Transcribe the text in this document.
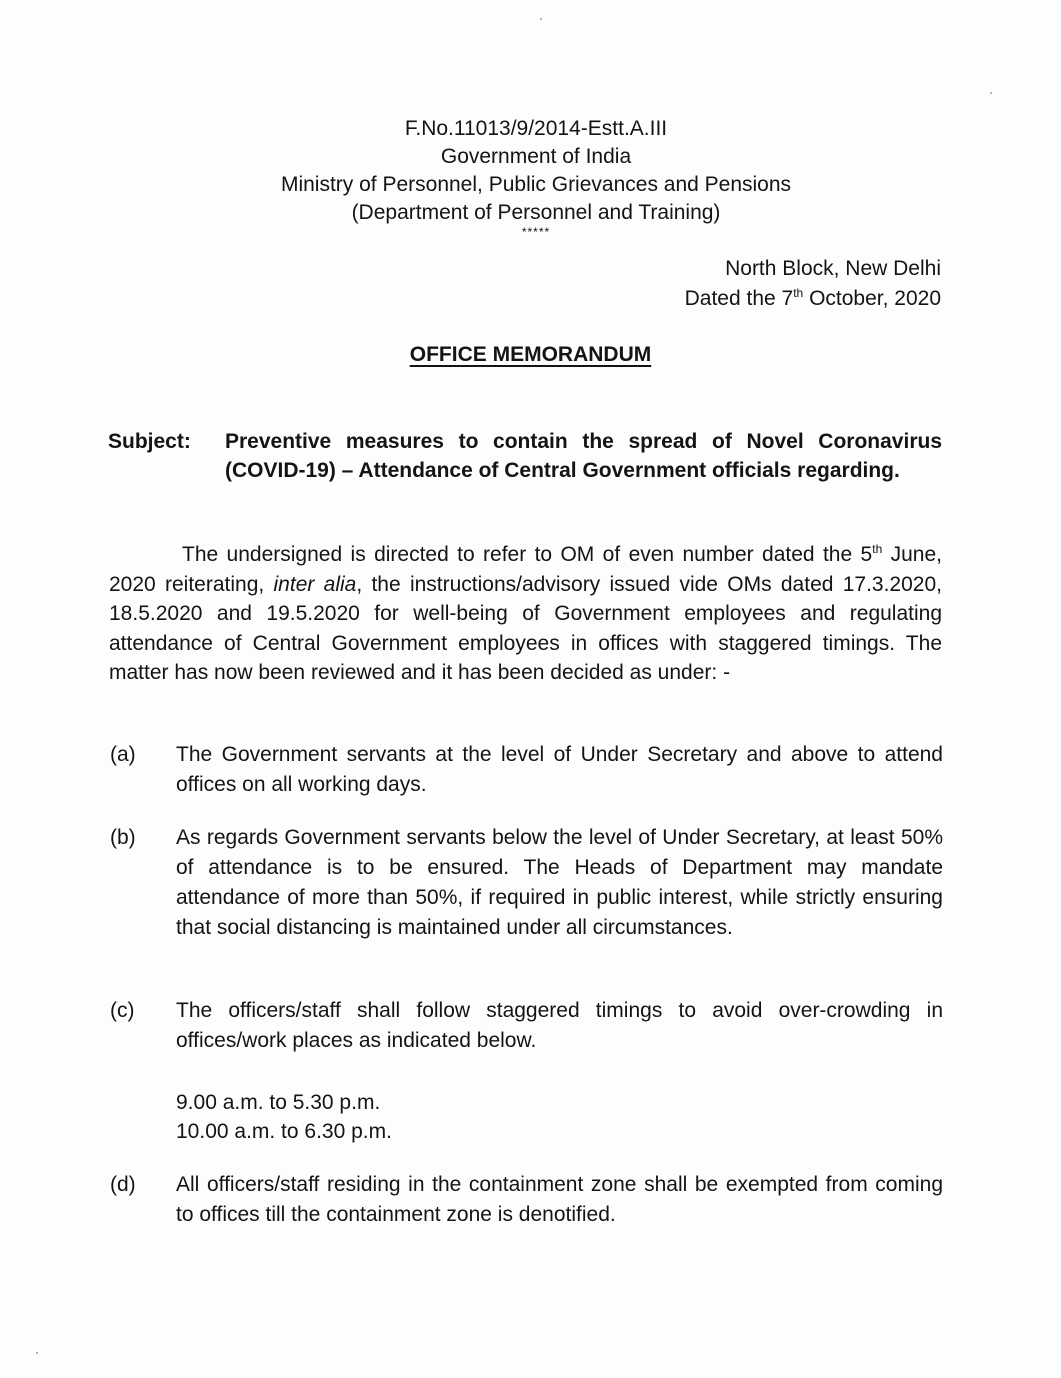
F.No.11013/9/2014-Estt.A.III
Government of India
Ministry of Personnel, Public Grievances and Pensions
(Department of Personnel and Training)
*****
North Block, New Delhi
Dated the 7th October, 2020
OFFICE MEMORANDUM
Subject:	Preventive measures to contain the spread of Novel Coronavirus (COVID-19) – Attendance of Central Government officials regarding.
The undersigned is directed to refer to OM of even number dated the 5th June, 2020 reiterating, inter alia, the instructions/advisory issued vide OMs dated 17.3.2020, 18.5.2020 and 19.5.2020 for well-being of Government employees and regulating attendance of Central Government employees in offices with staggered timings. The matter has now been reviewed and it has been decided as under: -
(a)	The Government servants at the level of Under Secretary and above to attend offices on all working days.
(b)	As regards Government servants below the level of Under Secretary, at least 50% of attendance is to be ensured. The Heads of Department may mandate attendance of more than 50%, if required in public interest, while strictly ensuring that social distancing is maintained under all circumstances.
(c)	The officers/staff shall follow staggered timings to avoid over-crowding in offices/work places as indicated below.
9.00 a.m. to 5.30 p.m.
10.00 a.m. to 6.30 p.m.
(d)	All officers/staff residing in the containment zone shall be exempted from coming to offices till the containment zone is denotified.
